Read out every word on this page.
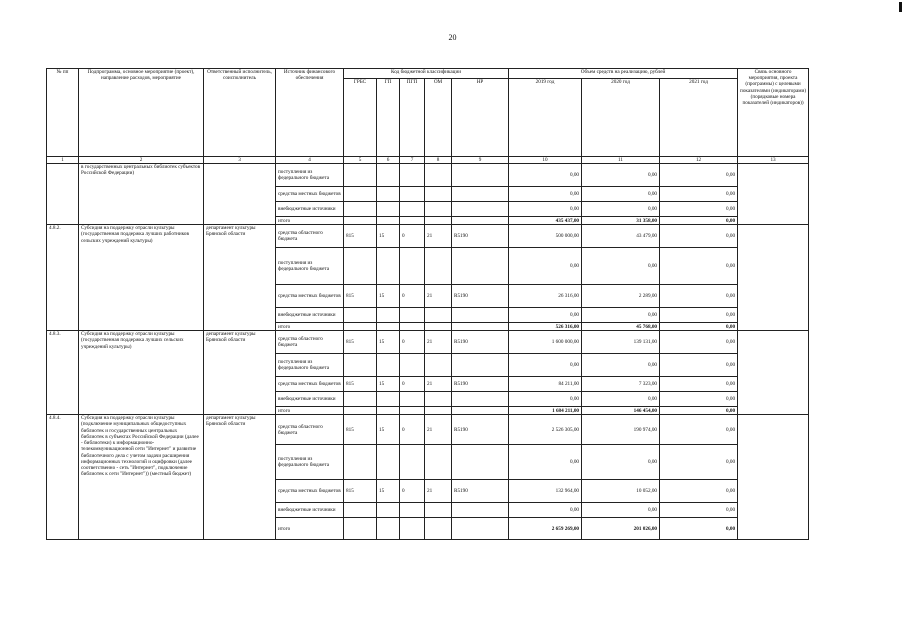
20
№ пп	Подпрограмма, основное мероприятие (проект), направление расходов, мероприятие	Ответственный исполнитель, соисполнитель	Источник финансового обеспечения	Код бюджетной классификации					Объем средств на реализацию, рублей			Связь основного мероприятия, проекта (программы) с целевыми показателями (индикаторами) (порядковые номера показателей (индикаторов))
				ГРБС	ГП	ПГП	ОМ	НР	2019 год	2020 год	2021 год	
1	2	3	4	5	6	7	8	9	10	11	12	13
	в государственных центральных библиотек субъектов Российской Федерации)		поступления из федерального бюджета						0,00	0,00	0,00	
			средства местных бюджетов						0,00	0,00	0,00	
			внебюджетные источники						0,00	0,00	0,00	
			итого						435 437,00	31 358,00	0,00	
4.8.2.	Субсидия на поддержку отрасли культуры (государственная поддержка лучших работников сельских учреждений культуры)	департамент культуры Брянской области	средства областного бюджета	815	15	0	21	R5190	500 000,00	43 479,00	0,00	
			поступления из федерального бюджета						0,00	0,00	0,00	
			средства местных бюджетов	815	15	0	21	R5190	26 316,00	2 289,00	0,00	
			внебюджетные источники						0,00	0,00	0,00	
			итого						526 316,00	45 768,00	0,00	
4.8.3.	Субсидия на поддержку отрасли культуры (государственная поддержка лучших сельских учреждений культуры)	департамент культуры Брянской области	средства областного бюджета	815	15	0	21	R5190	1 600 000,00	139 131,00	0,00	
			поступления из федерального бюджета						0,00	0,00	0,00	
			средства местных бюджетов	815	15	0	21	R5190	84 211,00	7 323,00	0,00	
			внебюджетные источники						0,00	0,00	0,00	
			итого						1 684 211,00	146 454,00	0,00	
4.8.4.	Субсидия на поддержку отрасли культуры (подключение муниципальных общедоступных библиотек и государственных центральных библиотек в субъектах Российской Федерации (далее - библиотеки) к информационно-телекоммуникационной сети "Интернет" и развитие библиотечного дела с учетом задачи расширения информационных технологий и оцифровки (далее соответственно - сеть "Интернет", подключение библиотек к сети "Интернет")) (местный бюджет)	департамент культуры Брянской области	средства областного бюджета	815	15	0	21	R5190	2 526 305,00	190 974,00	0,00	
			поступления из федерального бюджета						0,00	0,00	0,00	
			средства местных бюджетов	815	15	0	21	R5190	132 964,00	10 052,00	0,00	
			внебюджетные источники						0,00	0,00	0,00	
			итого						2 659 269,00	201 026,00	0,00	
